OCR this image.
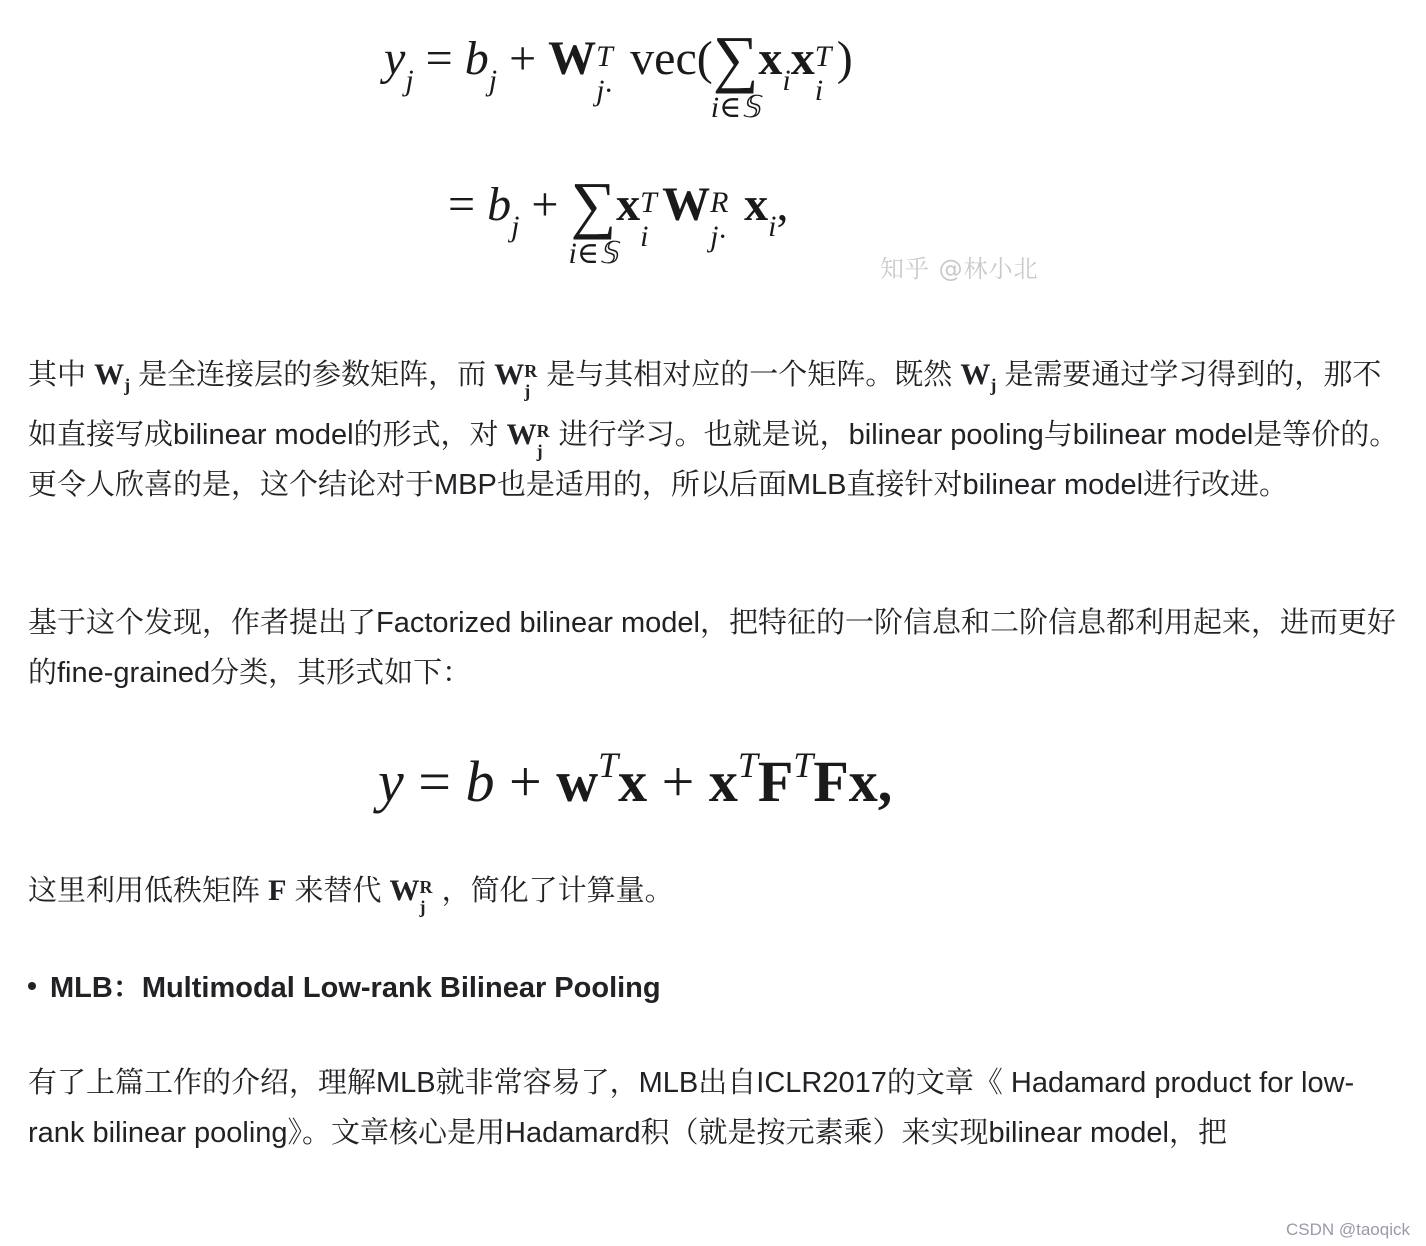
$y_j = b_j + W$ T
j·
vec(∑
i∈𝕊
$x_ix$ T
i
)
= $b_j$ + ∑
i∈𝕊
x T
i
W R
j·
$x_i$,
知乎 @林小北

其中 $W_j$ 是全连接层的参数矩阵，而 W R
j 是与其相对应的一个矩阵。既然 $W_j$ 是需要通过学习得到的，那不如直接写成bilinear model的形式，对 W R
j 进行学习。也就是说，bilinear pooling与bilinear model是等价的。更令人欣喜的是，这个结论对于MBP也是适用的，所以后面MLB直接针对bilinear model进行改进。

基于这个发现，作者提出了Factorized bilinear model，把特征的一阶信息和二阶信息都利用起来，进而更好的fine-grained分类，其形式如下：

$y = b + w^Tx + x^TF^TFx$,

这里利用低秩矩阵 F 来替代 W R
j ，简化了计算量。

MLB：Multimodal Low-rank Bilinear Pooling

有了上篇工作的介绍，理解MLB就非常容易了，MLB出自ICLR2017的文章《 Hadamard product for low-rank bilinear pooling》。文章核心是用Hadamard积（就是按元素乘）来实现bilinear model，把

CSDN @taoqick
